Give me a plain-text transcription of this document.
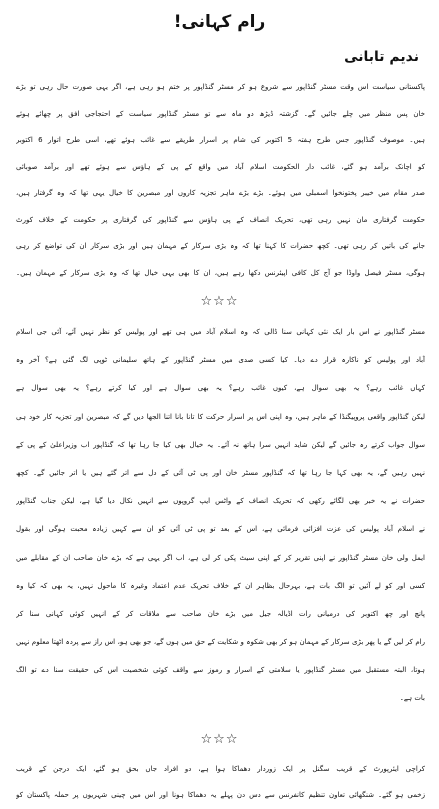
رام کہانی!
ندیم تابانی
پاکستانی سیاست اس وقت مسٹر گنڈاپور سے شروع ہو کر مسٹر گنڈاپور پر ختم ہو رہی ہے، اگر یہی صورت حال رہی تو بڑے
خان پس منظر میں چلے جائیں گے۔ گزشتہ ڈیڑھ دو ماہ سے تو مسٹر گنڈاپور سیاست کے احتجاجی افق پر چھائے ہوئے
ہیں۔ موصوف گنڈاپور جس طرح ہفتہ 5 اکتوبر کی شام پر اسرار طریقے سے غائب ہوئے تھے، اسی طرح اتوار 6 اکتوبر
کو اچانک برآمد ہو گئے، غائب دار الحکومت اسلام آباد میں واقع کے پی کے ہاؤس سے ہوئے تھے اور برآمد صوبائی
صدر مقام میں خیبر پختونخوا اسمبلی میں ہوئے۔ بڑے بڑے ماہر تجزیہ کاروں اور مبصرین کا خیال یہی تھا کہ وہ گرفتار ہیں،
حکومت گرفتاری مان نہیں رہی تھی، تحریک انصاف کے پی ہاؤس سے گنڈاپور کی گرفتاری پر حکومت کے خلاف کورٹ
جانے کی باتیں کر رہی تھی۔ کچھ حضرات کا کہنا تھا کہ وہ بڑی سرکار کے مہمان ہیں اور بڑی سرکار ان کی تواضع کر رہی
ہوگی، مسٹر فیصل واوڈا جو آج کل کافی اپیئرنس دکھا رہے ہیں، ان کا بھی یہی خیال تھا کہ وہ بڑی سرکار کے مہمان ہیں۔
☆☆☆
مسٹر گنڈاپور نے اس بار ایک نئی کہانی سنا ڈالی کہ وہ اسلام آباد میں ہی تھے اور پولیس کو نظر نہیں آئے، آئی جی اسلام
آباد اور پولیس کو ناکارہ قرار دے دیا۔ کیا کسی صدی میں مسٹر گنڈاپور کے ہاتھ سلیمانی ٹوپی لگ گئی ہے؟ آخر وہ
کہاں غائب رہے؟ یہ بھی سوال ہے، کیوں غائب رہے؟ یہ بھی سوال ہے اور کیا کرتے رہے؟ یہ بھی سوال ہے
لیکن گنڈاپور واقعی پروپیگنڈا کے ماہر ہیں، وہ اپنی اس پر اسرار حرکت کا تانا بانا اتنا الجھا دیں گے کہ مبصرین اور تجزیہ کار خود ہی
سوال جواب کرتے رہ جائیں گے لیکن شاید انہیں سرا ہاتھ نہ آئے۔ یہ خیال بھی کیا جا رہا تھا کہ گنڈاپور اب وزیراعلیٰ کے پی کے
نہیں رہیں گے، یہ بھی کہا جا رہا تھا کہ گنڈاپور مسٹر خان اور پی ٹی آئی کے دل سے اتر گئے ہیں یا اتر جائیں گے۔ کچھ
حضرات نے یہ خبر بھی لگائے رکھی کہ تحریک انصاف کے واٹس ایپ گروپوں سے انہیں نکال دیا گیا ہے، لیکن جناب گنڈاپور
نے اسلام آباد پولیس کی عزت افزائی فرمائی ہے، اس کے بعد تو پی ٹی آئی کو ان سے کہیں زیادہ محبت ہوگی اور بقول
ایمل ولی خان مسٹر گنڈاپور نے اپنی تقریر کر کے اپنی سیٹ پکی کر لی ہے، اب اگر یہی ہے کہ بڑے خان صاحب ان کے مقابلے میں
کسی اور کو لے آئیں تو الگ بات ہے، بہرحال بظاہر ان کے خلاف تحریک عدم اعتماد وغیرہ کا ماحول نہیں، یہ بھی کہ کیا وہ
پانچ اور چھ اکتوبر کی درمیانی رات اڈیالہ جیل میں بڑے خان صاحب سے ملاقات کر کے انہیں کوئی کہانی سنا کر
رام کر لیں گے یا پھر بڑی سرکار کے مہمان ہو کر بھی شکوہ و شکایت کے حق میں ہوں گے، جو بھی ہو، اس راز سے پردہ اٹھتا معلوم نہیں
ہوتا، البتہ مستقبل میں مسٹر گنڈاپور یا سلامتی کے اسرار و رموز سے واقف کوئی شخصیت اس کی حقیقت سنا دے تو الگ
بات ہے۔
☆☆☆
کراچی ایئرپورٹ کے قریب سگنل پر ایک زوردار دھماکا ہوا ہے، دو افراد جاں بحق ہو گئے، ایک درجن کے قریب
زخمی ہو گئے۔ شنگھائی تعاون تنظیم کانفرنس سے دس دن پہلے یہ دھماکا ہونا اور اس میں چینی شہریوں پر حملہ پاکستان کو
